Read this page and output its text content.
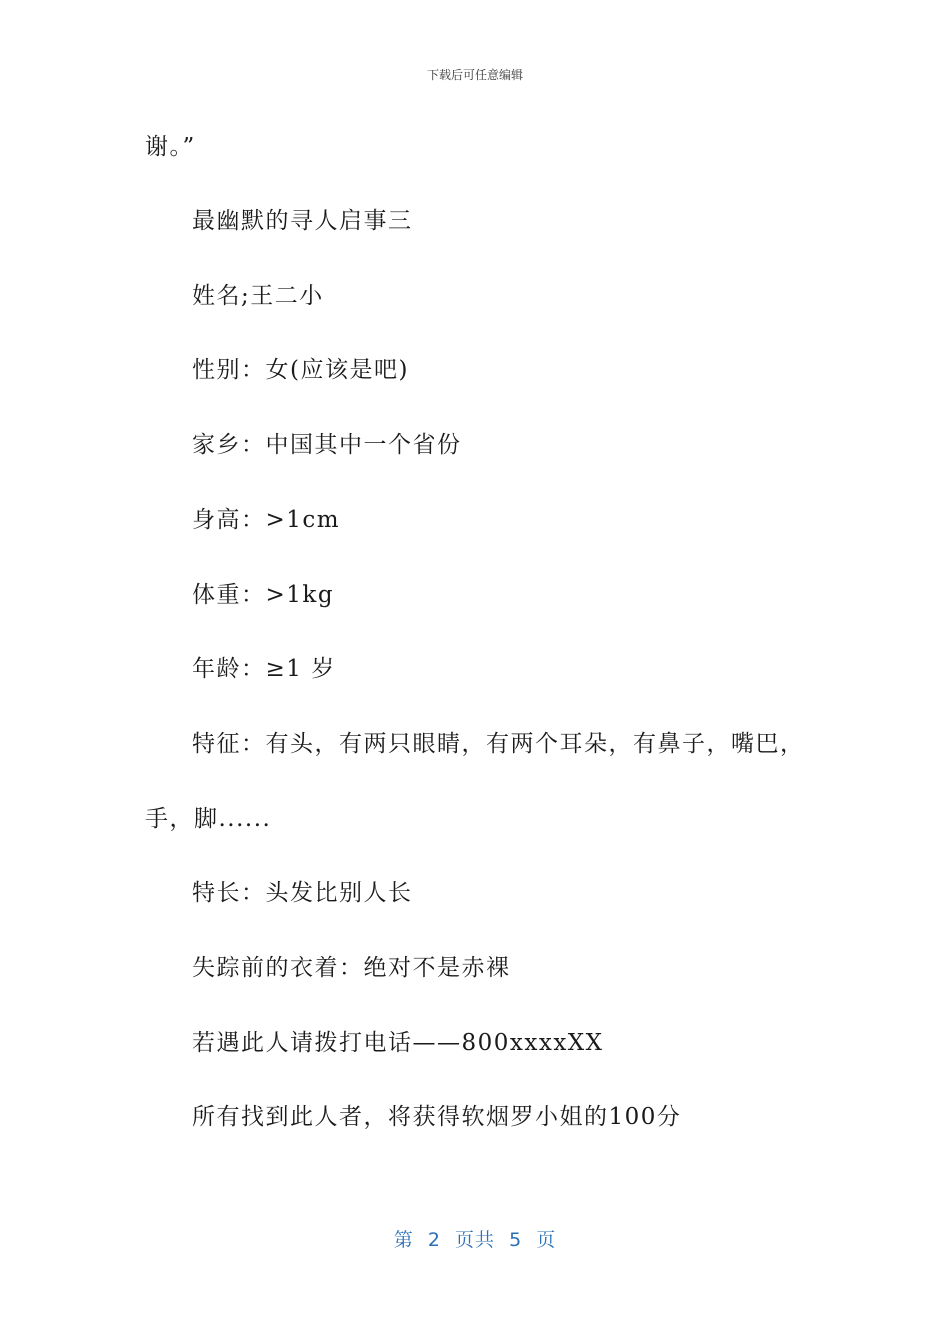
下载后可任意编辑
谢。”
最幽默的寻人启事三
姓名;王二小
性别：女(应该是吧)
家乡：中国其中一个省份
身高：>1cm
体重：>1kg
年龄：≥1 岁
特征：有头，有两只眼睛，有两个耳朵，有鼻子，嘴巴，
手，脚......
特长：头发比别人长
失踪前的衣着：绝对不是赤裸
若遇此人请拨打电话——800xxxxXX
所有找到此人者，将获得软烟罗小姐的100分
第  2  页共  5  页
